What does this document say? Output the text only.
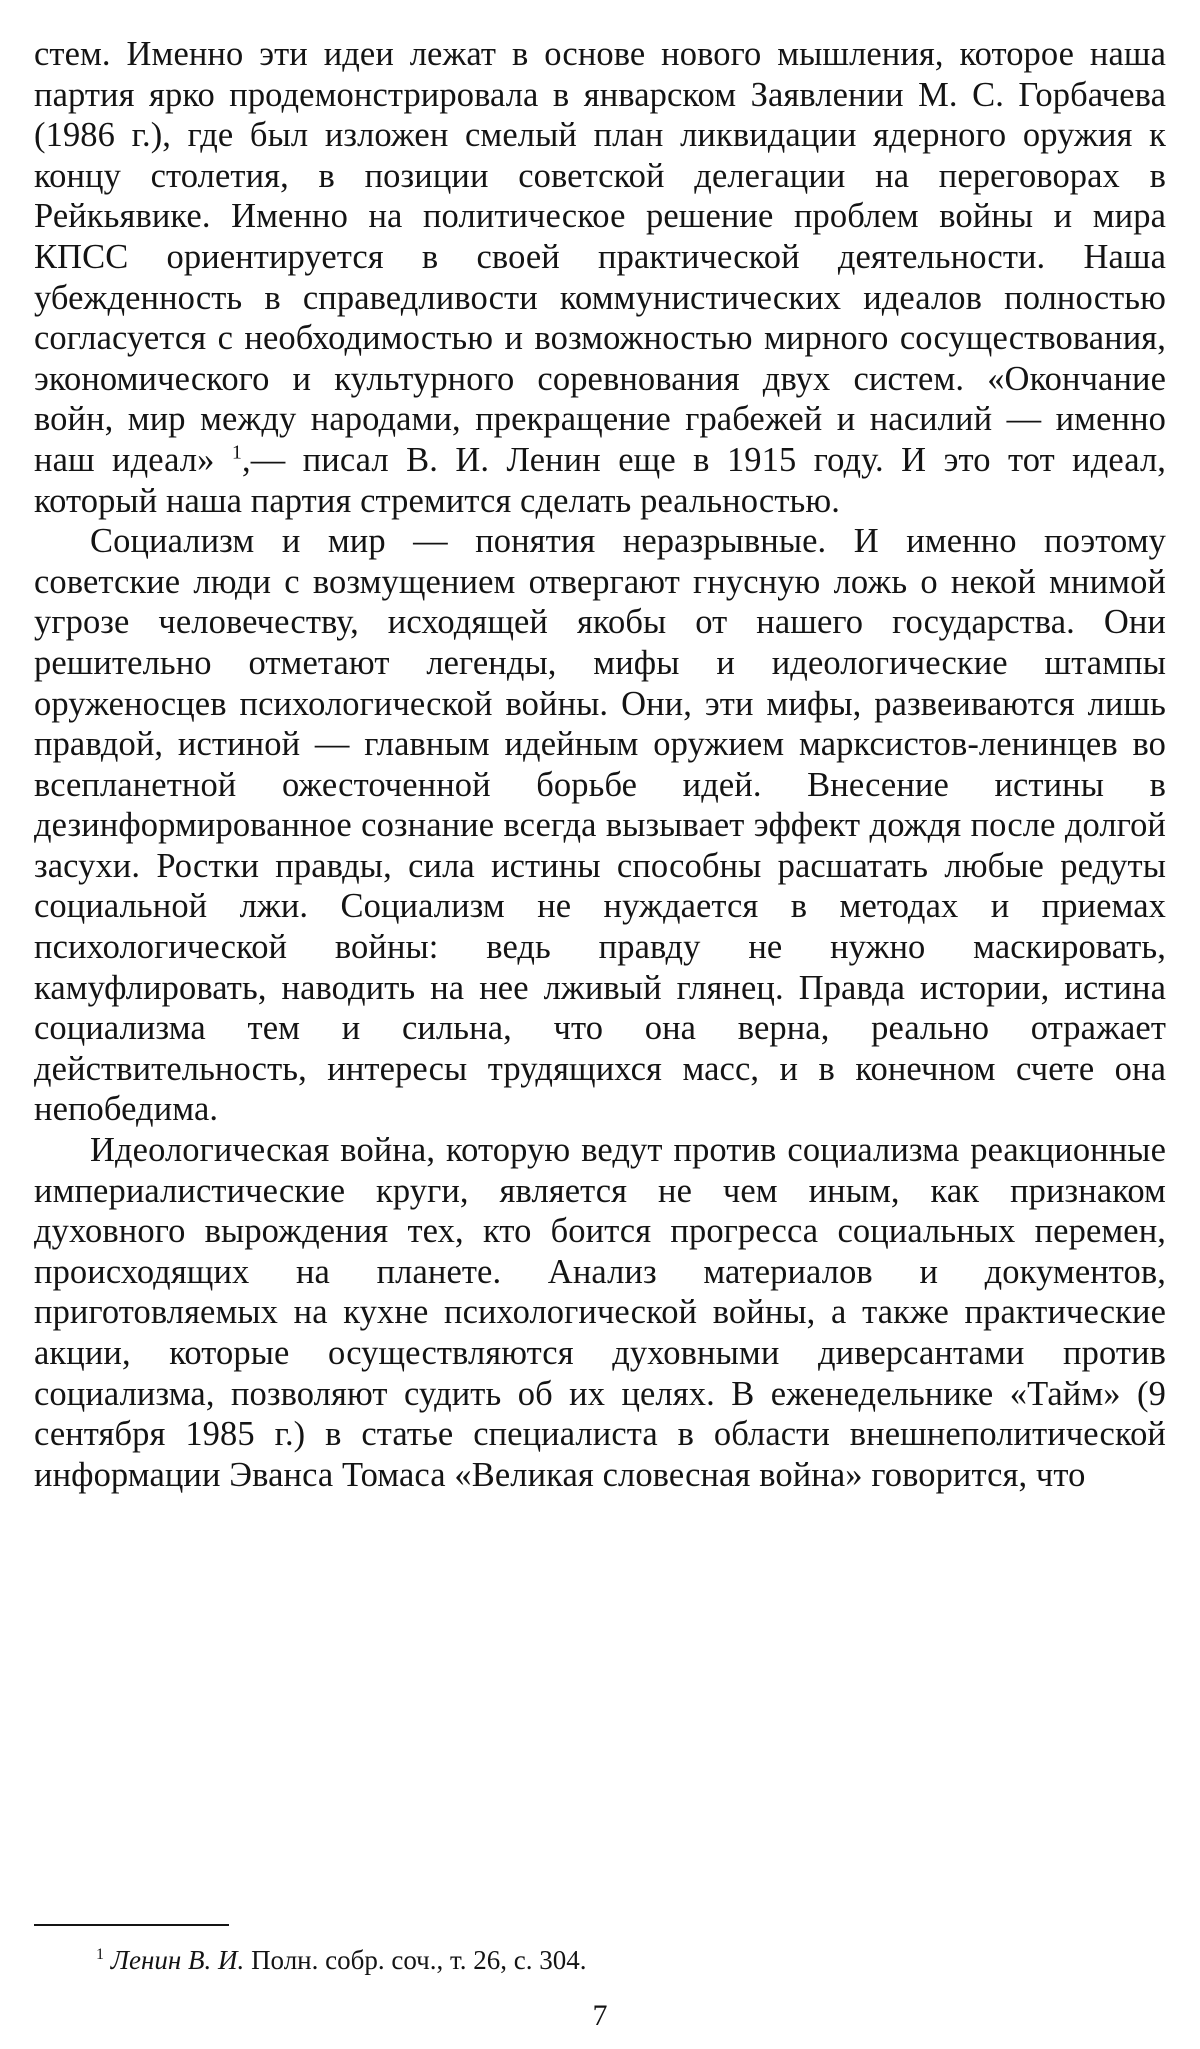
стем. Именно эти идеи лежат в основе нового мышления, которое наша партия ярко продемонстрировала в январском Заявлении М. С. Горбачева (1986 г.), где был изложен смелый план ликвидации ядерного оружия к концу столетия, в позиции советской делегации на переговорах в Рейкьявике. Именно на политическое решение проблем войны и мира КПСС ориентируется в своей практической деятельности. Наша убежденность в справедливости коммунистических идеалов полностью согласуется с необходимостью и возможностью мирного сосуществования, экономического и культурного соревнования двух систем. «Окончание войн, мир между народами, прекращение грабежей и насилий — именно наш идеал» $^1$,— писал В. И. Ленин еще в 1915 году. И это тот идеал, который наша партия стремится сделать реальностью.

Социализм и мир — понятия неразрывные. И именно поэтому советские люди с возмущением отвергают гнусную ложь о некой мнимой угрозе человечеству, исходящей якобы от нашего государства. Они решительно отметают легенды, мифы и идеологические штампы оруженосцев психологической войны. Они, эти мифы, развеиваются лишь правдой, истиной — главным идейным оружием марксистов-ленинцев во всепланетной ожесточенной борьбе идей. Внесение истины в дезинформированное сознание всегда вызывает эффект дождя после долгой засухи. Ростки правды, сила истины способны расшатать любые редуты социальной лжи. Социализм не нуждается в методах и приемах психологической войны: ведь правду не нужно маскировать, камуфлировать, наводить на нее лживый глянец. Правда истории, истина социализма тем и сильна, что она верна, реально отражает действительность, интересы трудящихся масс, и в конечном счете она непобедима.

Идеологическая война, которую ведут против социализма реакционные империалистические круги, является не чем иным, как признаком духовного вырождения тех, кто боится прогресса социальных перемен, происходящих на планете. Анализ материалов и документов, приготовляемых на кухне психологической войны, а также практические акции, которые осуществляются духовными диверсантами против социализма, позволяют судить об их целях. В еженедельнике «Тайм» (9 сентября 1985 г.) в статье специалиста в области внешнеполитической информации Эванса Томаса «Великая словесная война» говорится, что

$^1$ Ленин В. И. Полн. собр. соч., т. 26, с. 304.
7
